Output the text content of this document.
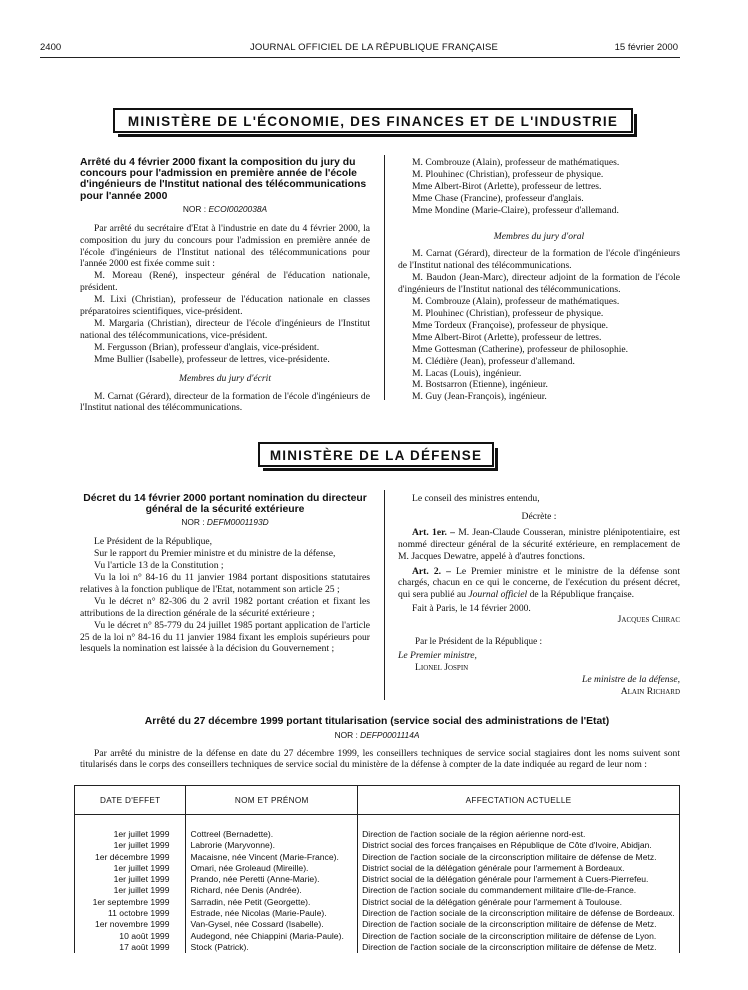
2400	JOURNAL OFFICIEL DE LA RÉPUBLIQUE FRANÇAISE	15 février 2000
MINISTÈRE DE L'ÉCONOMIE, DES FINANCES ET DE L'INDUSTRIE

Arrêté du 4 février 2000 fixant la composition du jury du concours pour l'admission en première année de l'école d'ingénieurs de l'Institut national des télécommunications pour l'année 2000

NOR : ECOI0020038A

Par arrêté du secrétaire d'Etat à l'industrie en date du 4 février 2000, la composition du jury du concours pour l'admission en première année de l'école d'ingénieurs de l'Institut national des télécommunications pour l'année 2000 est fixée comme suit :

M. Moreau (René), inspecteur général de l'éducation nationale, président.

M. Lixi (Christian), professeur de l'éducation nationale en classes préparatoires scientifiques, vice-président.

M. Margaria (Christian), directeur de l'école d'ingénieurs de l'Institut national des télécommunications, vice-président.

M. Fergusson (Brian), professeur d'anglais, vice-président.

Mme Bullier (Isabelle), professeur de lettres, vice-présidente.

Membres du jury d'écrit

M. Carnat (Gérard), directeur de la formation de l'école d'ingénieurs de l'Institut national des télécommunications.

M. Combrouze (Alain), professeur de mathématiques.

M. Plouhinec (Christian), professeur de physique.

Mme Albert-Birot (Arlette), professeur de lettres.

Mme Chase (Francine), professeur d'anglais.

Mme Mondine (Marie-Claire), professeur d'allemand.

Membres du jury d'oral

M. Carnat (Gérard), directeur de la formation de l'école d'ingénieurs de l'Institut national des télécommunications.

M. Baudon (Jean-Marc), directeur adjoint de la formation de l'école d'ingénieurs de l'Institut national des télécommunications.

M. Combrouze (Alain), professeur de mathématiques.

M. Plouhinec (Christian), professeur de physique.

Mme Tordeux (Françoise), professeur de physique.

Mme Albert-Birot (Arlette), professeur de lettres.

Mme Gottesman (Catherine), professeur de philosophie.

M. Clédière (Jean), professeur d'allemand.

M. Lacas (Louis), ingénieur.

M. Bostsarron (Etienne), ingénieur.

M. Guy (Jean-François), ingénieur.

MINISTÈRE DE LA DÉFENSE

Décret du 14 février 2000 portant nomination du directeur général de la sécurité extérieure

NOR : DEFM0001193D

Le Président de la République,

Sur le rapport du Premier ministre et du ministre de la défense,

Vu l'article 13 de la Constitution ;

Vu la loi n° 84-16 du 11 janvier 1984 portant dispositions statutaires relatives à la fonction publique de l'Etat, notamment son article 25 ;

Vu le décret n° 82-306 du 2 avril 1982 portant création et fixant les attributions de la direction générale de la sécurité extérieure ;

Vu le décret n° 85-779 du 24 juillet 1985 portant application de l'article 25 de la loi n° 84-16 du 11 janvier 1984 fixant les emplois supérieurs pour lesquels la nomination est laissée à la décision du Gouvernement ;

Le conseil des ministres entendu,

Décrète :

Art. 1er. – M. Jean-Claude Cousseran, ministre plénipotentiaire, est nommé directeur général de la sécurité extérieure, en remplacement de M. Jacques Dewatre, appelé à d'autres fonctions.

Art. 2. – Le Premier ministre et le ministre de la défense sont chargés, chacun en ce qui le concerne, de l'exécution du présent décret, qui sera publié au Journal officiel de la République française.

Fait à Paris, le 14 février 2000.

Jacques Chirac

Par le Président de la République :

Le Premier ministre,

Lionel Jospin

Le ministre de la défense,

Alain Richard

Arrêté du 27 décembre 1999 portant titularisation (service social des administrations de l'Etat)

NOR : DEFP0001114A

Par arrêté du ministre de la défense en date du 27 décembre 1999, les conseillers techniques de service social stagiaires dont les noms suivent sont titularisés dans le corps des conseillers techniques de service social du ministère de la défense à compter de la date indiquée au regard de leur nom :

DATE D'EFFET	NOM ET PRÉNOM	AFFECTATION ACTUELLE

1er juillet 1999	Cottreel (Bernadette).	Direction de l'action sociale de la région aérienne nord-est.
1er juillet 1999	Labrorie (Maryvonne).	District social des forces françaises en République de Côte d'Ivoire, Abidjan.
1er décembre 1999	Macaisne, née Vincent (Marie-France).	Direction de l'action sociale de la circonscription militaire de défense de Metz.
1er juillet 1999	Omari, née Groleaud (Mireille).	District social de la délégation générale pour l'armement à Bordeaux.
1er juillet 1999	Prando, née Peretti (Anne-Marie).	District social de la délégation générale pour l'armement à Cuers-Pierrefeu.
1er juillet 1999	Richard, née Denis (Andrée).	Direction de l'action sociale du commandement militaire d'Ile-de-France.
1er septembre 1999	Sarradin, née Petit (Georgette).	District social de la délégation générale pour l'armement à Toulouse.
11 octobre 1999	Estrade, née Nicolas (Marie-Paule).	Direction de l'action sociale de la circonscription militaire de défense de Bordeaux.
1er novembre 1999	Van-Gysel, née Cossard (Isabelle).	Direction de l'action sociale de la circonscription militaire de défense de Metz.
10 août 1999	Audegond, née Chiappini (Maria-Paule).	Direction de l'action sociale de la circonscription militaire de défense de Lyon.
17 août 1999	Stock (Patrick).	Direction de l'action sociale de la circonscription militaire de défense de Metz.
